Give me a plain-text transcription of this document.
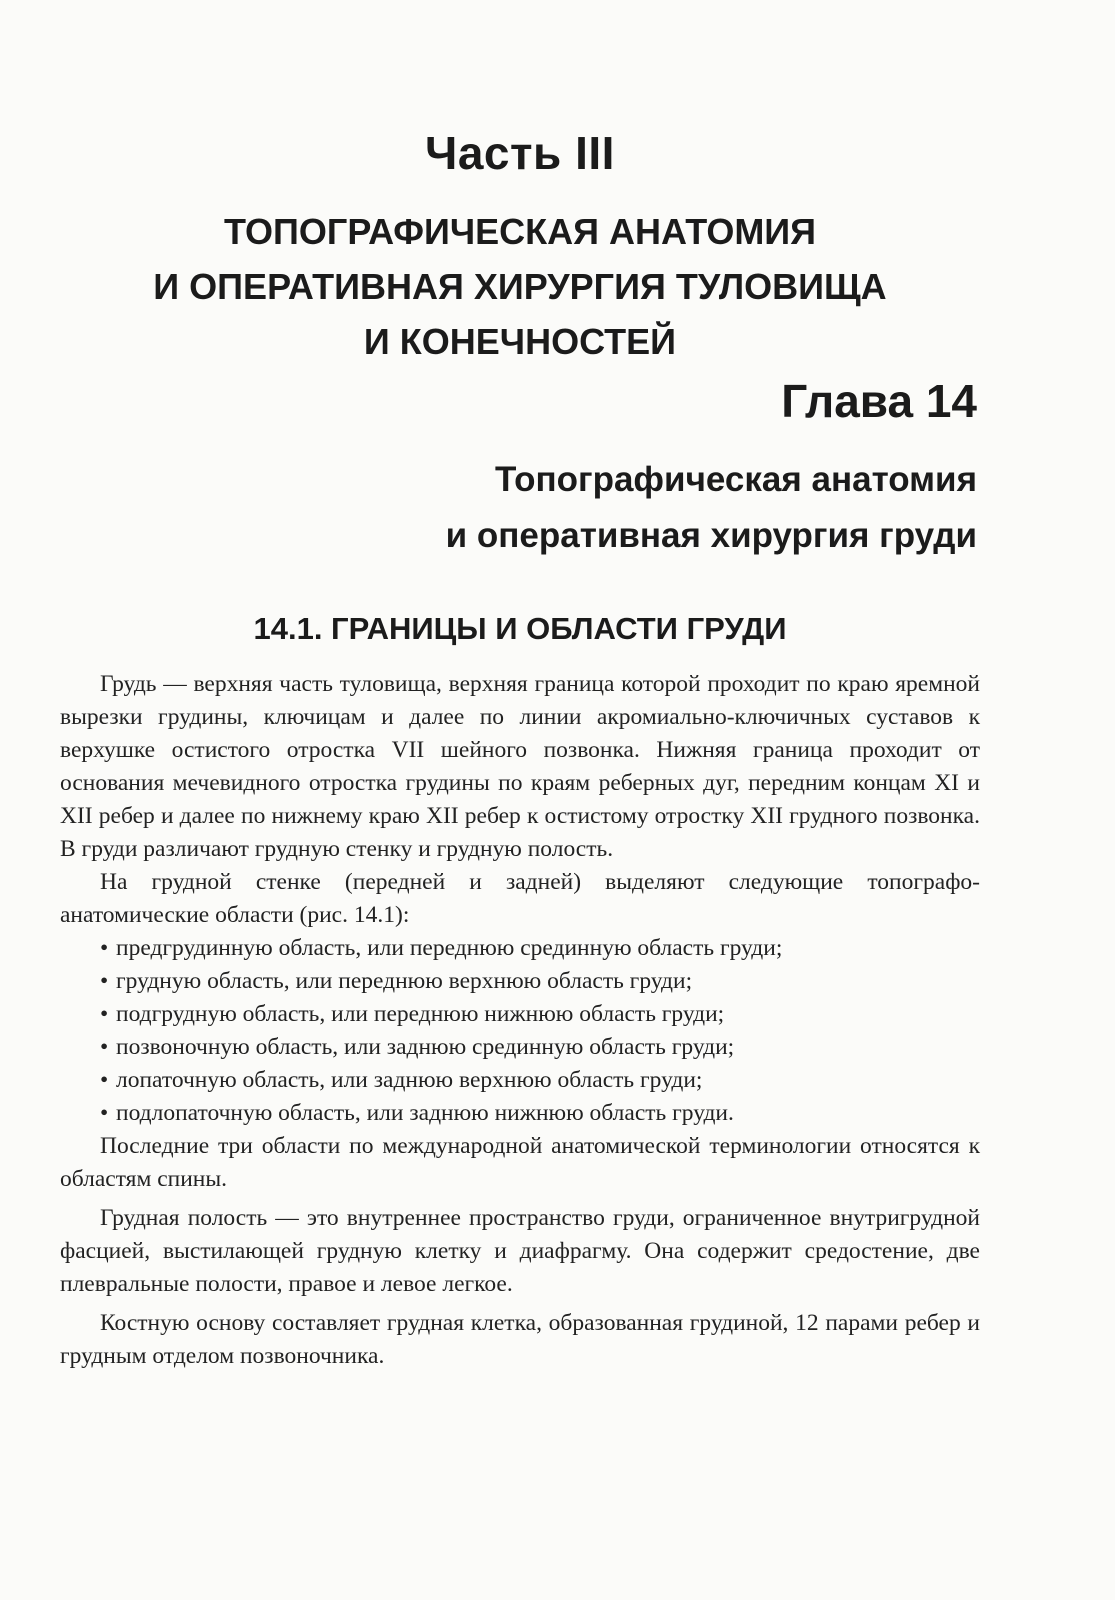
Часть III
ТОПОГРАФИЧЕСКАЯ АНАТОМИЯ
И ОПЕРАТИВНАЯ ХИРУРГИЯ ТУЛОВИЩА
И КОНЕЧНОСТЕЙ
Глава 14
Топографическая анатомия
и оперативная хирургия груди
14.1. ГРАНИЦЫ И ОБЛАСТИ ГРУДИ

Грудь — верхняя часть туловища, верхняя граница которой проходит по краю яремной вырезки грудины, ключицам и далее по линии акромиально-ключичных суставов к верхушке остистого отростка VII шейного позвонка. Нижняя граница проходит от основания мечевидного отростка грудины по краям реберных дуг, передним концам XI и XII ребер и далее по нижнему краю XII ребер к остистому отростку XII грудного позвонка. В груди различают грудную стенку и грудную полость.

На грудной стенке (передней и задней) выделяют следующие топографо-анатомические области (рис. 14.1):

• предгрудинную область, или переднюю срединную область груди;
• грудную область, или переднюю верхнюю область груди;
• подгрудную область, или переднюю нижнюю область груди;
• позвоночную область, или заднюю срединную область груди;
• лопаточную область, или заднюю верхнюю область груди;
• подлопаточную область, или заднюю нижнюю область груди.

Последние три области по международной анатомической терминологии относятся к областям спины.

Грудная полость — это внутреннее пространство груди, ограниченное внутригрудной фасцией, выстилающей грудную клетку и диафрагму. Она содержит средостение, две плевральные полости, правое и левое легкое.

Костную основу составляет грудная клетка, образованная грудиной, 12 парами ребер и грудным отделом позвоночника.
